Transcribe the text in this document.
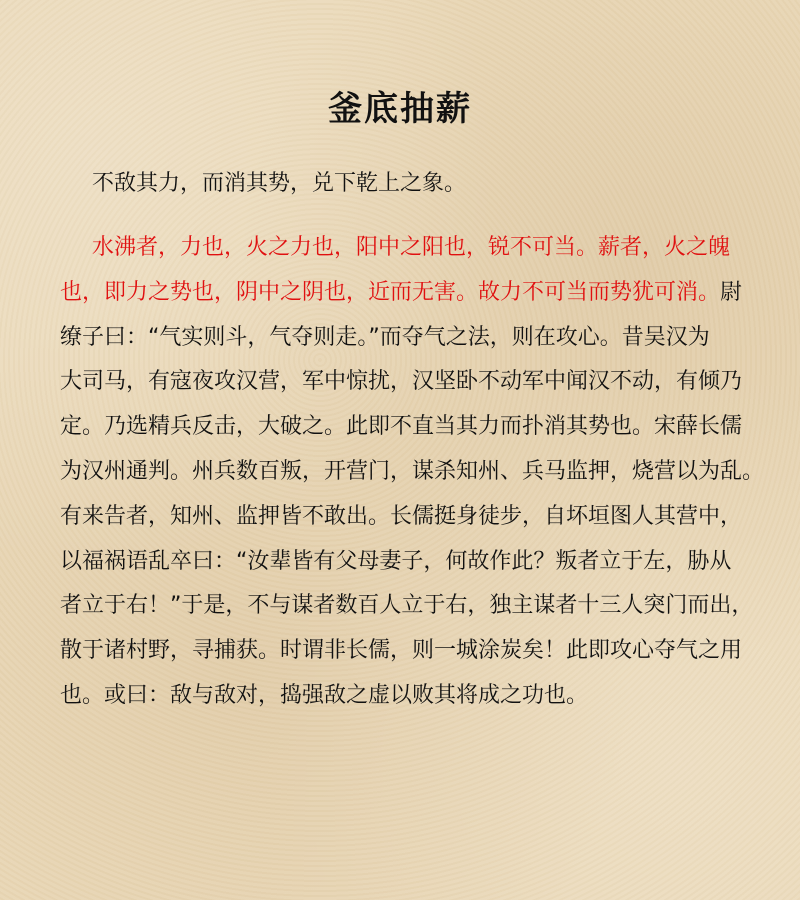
釜底抽薪
不敌其力，而消其势，兑下乾上之象。
水沸者，力也，火之力也，阳中之阳也，锐不可当。薪者，火之魄
也，即力之势也，阴中之阴也，近而无害。故力不可当而势犹可消。尉
缭子曰：“气实则斗，气夺则走。”而夺气之法，则在攻心。昔吴汉为
大司马，有寇夜攻汉营，军中惊扰，汉坚卧不动军中闻汉不动，有倾乃
定。乃选精兵反击，大破之。此即不直当其力而扑消其势也。宋薛长儒
为汉州通判。州兵数百叛，开营门，谋杀知州、兵马监押，烧营以为乱。
有来告者，知州、监押皆不敢出。长儒挺身徒步，自坏垣图人其营中，
以福祸语乱卒曰：“汝辈皆有父母妻子，何故作此？叛者立于左，胁从
者立于右！”于是，不与谋者数百人立于右，独主谋者十三人突门而出，
散于诸村野，寻捕获。时谓非长儒，则一城涂炭矣！此即攻心夺气之用
也。或曰：敌与敌对，捣强敌之虚以败其将成之功也。
